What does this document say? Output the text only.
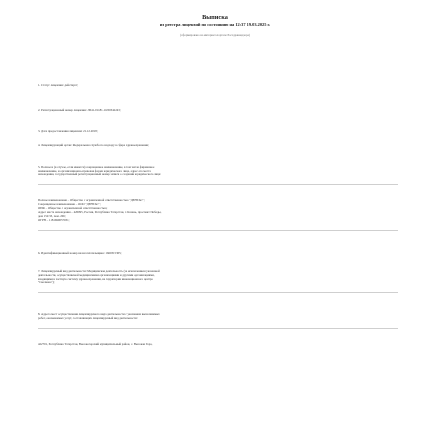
Выписка
из реестра лицензий по состоянию на 12:37 19.03.2025 г.
(сформировано на интернет-портале Росздравнадзора)
1. Статус лицензии: действует;
2. Регистрационный номер лицензии: Л041-01181-16/00342243;
3. Дата предоставления лицензии: 21.12.2018;
4. Лицензирующий орган: Федеральная служба по надзору в сфере здравоохранения;
5. Полное и (в случае, если имеется) сокращенное наименование, в том числе фирменное
наименование, и организационно-правовая форма юридического лица, адрес его места
нахождения, государственный регистрационный номер записи о создании юридического лица:
Полное наименование – Общество с ограниченной ответственностью "ДЕНТАС";
Сокращенное наименование – ООО "ДЕНТАС";
ОПФ – Общество с ограниченной ответственностью;
Адрес места нахождения – 420095, Россия, Республика Татарстан, г. Казань, проспект Победы,
дом 152/33, пом. 206;
ОГРН – 1181690057031;
6. Идентификационный номер налогоплательщика: 1660315305;
7. Лицензируемый вид деятельности: Медицинская деятельность (за исключением указанной
деятельности, осуществляемой медицинскими организациями и другими организациями,
входящими в частную систему здравоохранения, на территории инновационного центра
"Сколково");
8. Адреса мест осуществления лицензируемого вида деятельности с указанием выполняемых
работ, оказываемых услуг, составляющих лицензируемый вид деятельности:
422701, Республика Татарстан, Высокогорский муниципальный район, с. Высокая Гора,
